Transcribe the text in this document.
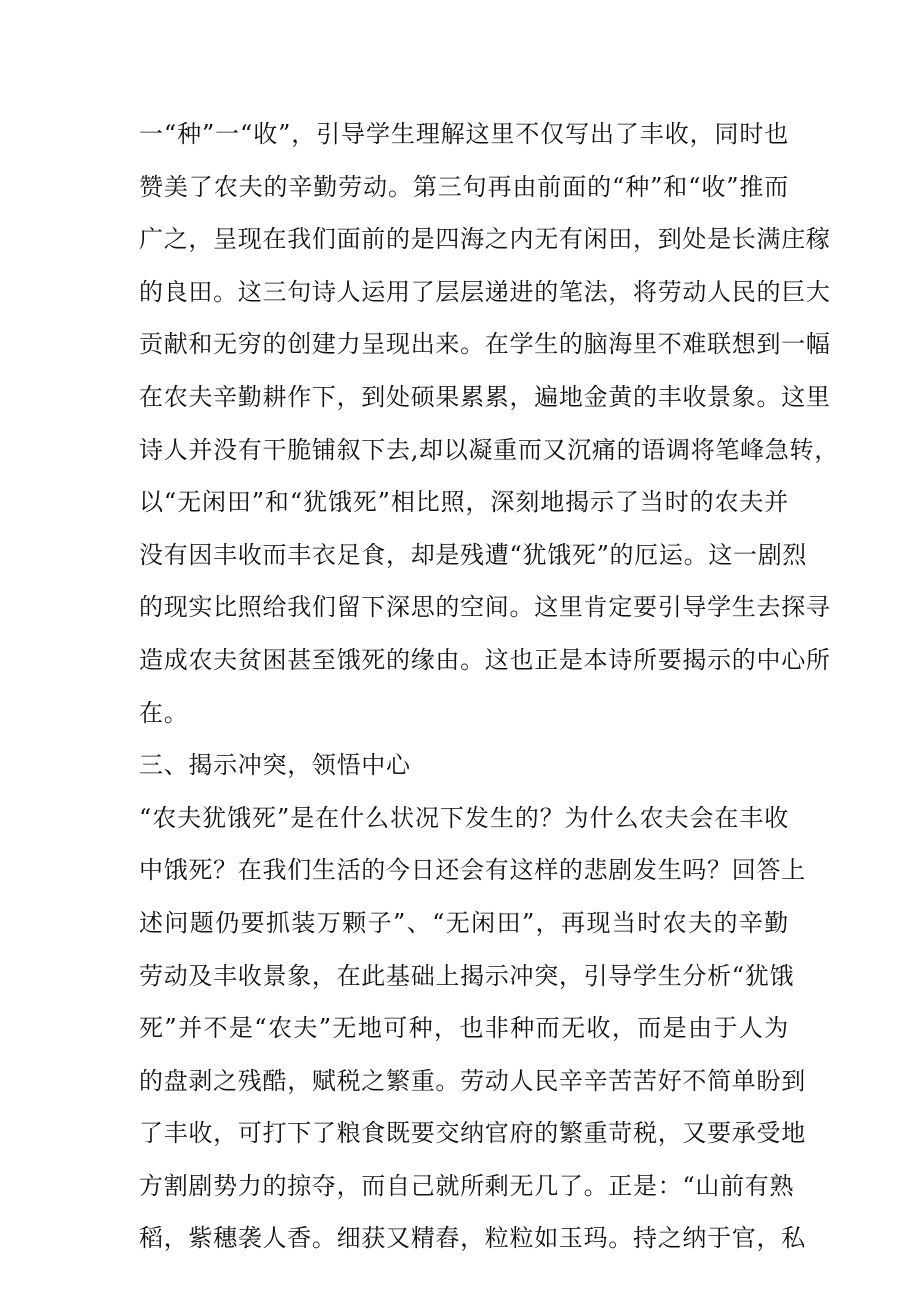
一“种”一“收”，引导学生理解这里不仅写出了丰收，同时也
赞美了农夫的辛勤劳动。第三句再由前面的“种”和“收”推而
广之，呈现在我们面前的是四海之内无有闲田，到处是长满庄稼
的良田。这三句诗人运用了层层递进的笔法，将劳动人民的巨大
贡献和无穷的创建力呈现出来。在学生的脑海里不难联想到一幅
在农夫辛勤耕作下，到处硕果累累，遍地金黄的丰收景象。这里
诗人并没有干脆铺叙下去,却以凝重而又沉痛的语调将笔峰急转，
以“无闲田”和“犹饿死”相比照，深刻地揭示了当时的农夫并
没有因丰收而丰衣足食，却是残遭“犹饿死”的厄运。这一剧烈
的现实比照给我们留下深思的空间。这里肯定要引导学生去探寻
造成农夫贫困甚至饿死的缘由。这也正是本诗所要揭示的中心所
在。
三、揭示冲突，领悟中心
“农夫犹饿死”是在什么状况下发生的？为什么农夫会在丰收
中饿死？在我们生活的今日还会有这样的悲剧发生吗？回答上
述问题仍要抓装万颗子”、“无闲田”，再现当时农夫的辛勤
劳动及丰收景象，在此基础上揭示冲突，引导学生分析“犹饿
死”并不是“农夫”无地可种，也非种而无收，而是由于人为
的盘剥之残酷，赋税之繁重。劳动人民辛辛苦苦好不简单盼到
了丰收，可打下了粮食既要交纳官府的繁重苛税，又要承受地
方割剧势力的掠夺，而自己就所剩无几了。正是：“山前有熟
稻，紫穗袭人香。细获又精舂，粒粒如玉玛。持之纳于官，私
